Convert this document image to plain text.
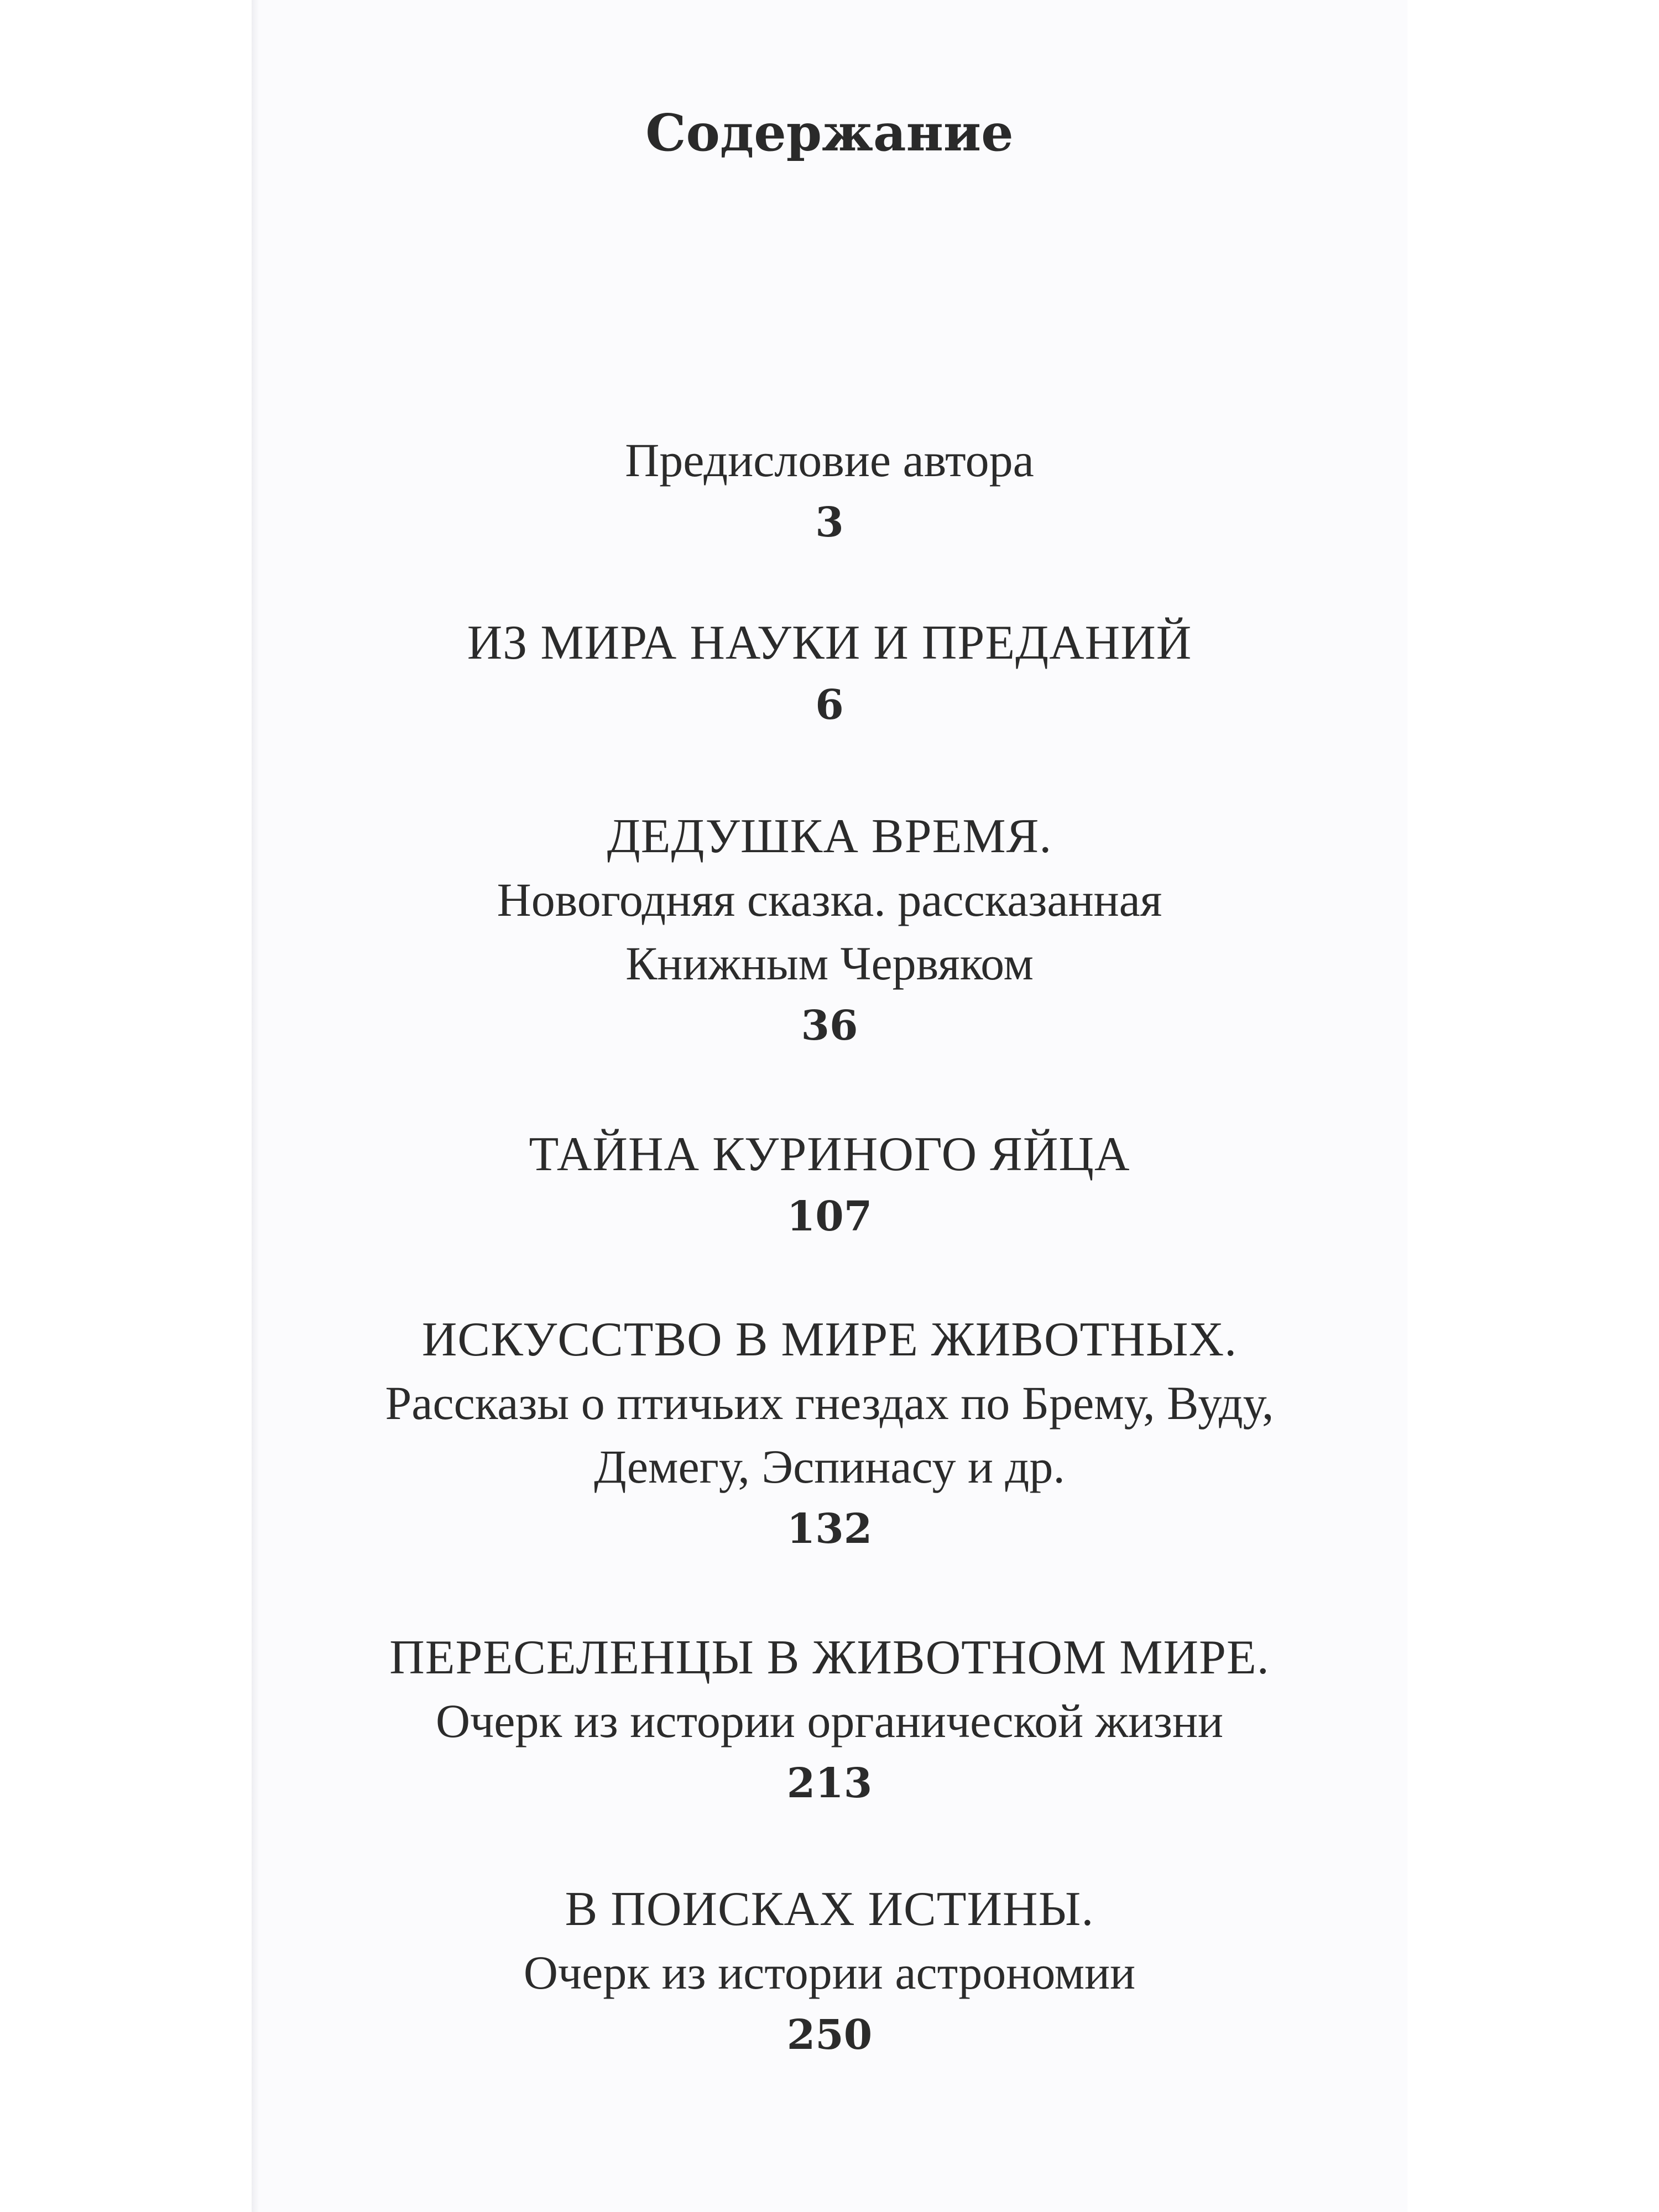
Содержание
Предисловие автора
3
ИЗ МИРА НАУКИ И ПРЕДАНИЙ
6
ДЕДУШКА ВРЕМЯ.
Новогодняя сказка. рассказанная
Книжным Червяком
36
ТАЙНА КУРИНОГО ЯЙЦА
107
ИСКУССТВО В МИРЕ ЖИВОТНЫХ.
Рассказы о птичьих гнездах по Брему, Вуду,
Демегу, Эспинасу и др.
132
ПЕРЕСЕЛЕНЦЫ В ЖИВОТНОМ МИРЕ.
Очерк из истории органической жизни
213
В ПОИСКАХ ИСТИНЫ.
Очерк из истории астрономии
250
